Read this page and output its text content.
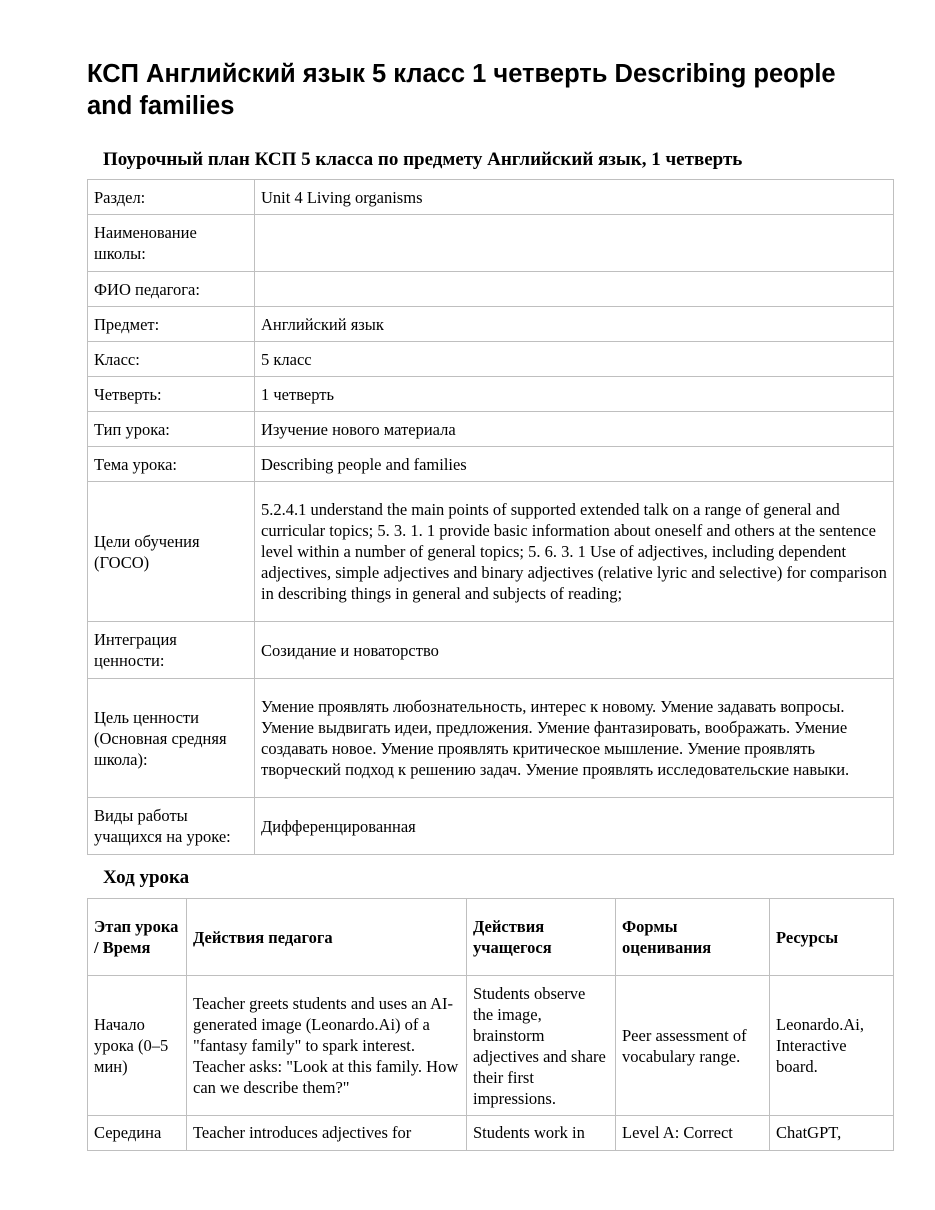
КСП Английский язык 5 класс 1 четверть Describing people and families
Поурочный план КСП 5 класса по предмету Английский язык, 1 четверть
Раздел:	Unit 4 Living organisms
Наименование школы:	
ФИО педагога:	
Предмет:	Английский язык
Класс:	5 класс
Четверть:	1 четверть
Тип урока:	Изучение нового материала
Тема урока:	Describing people and families
Цели обучения (ГОСО)	5.2.4.1 understand the main points of supported extended talk on a range of general and curricular topics; 5. 3. 1. 1 provide basic information about oneself and others at the sentence level within a number of general topics; 5. 6. 3. 1 Use of adjectives, including dependent adjectives, simple adjectives and binary adjectives (relative lyric and selective) for comparison in describing things in general and subjects of reading;
Интеграция ценности:	Созидание и новаторство
Цель ценности (Основная средняя школа):	Умение проявлять любознательность, интерес к новому. Умение задавать вопросы. Умение выдвигать идеи, предложения. Умение фантазировать, воображать. Умение создавать новое. Умение проявлять критическое мышление. Умение проявлять творческий подход к решению задач. Умение проявлять исследовательские навыки.
Виды работы учащихся на уроке:	Дифференцированная
Ход урока
Этап урока / Время	Действия педагога	Действия учащегося	Формы оценивания	Ресурсы
Начало урока (0–5 мин)	Teacher greets students and uses an AI-generated image (Leonardo.Ai) of a "fantasy family" to spark interest. Teacher asks: "Look at this family. How can we describe them?"	Students observe the image, brainstorm adjectives and share their first impressions.	Peer assessment of vocabulary range.	Leonardo.Ai, Interactive board.
Середина	Teacher introduces adjectives for	Students work in	Level A: Correct	ChatGPT,
